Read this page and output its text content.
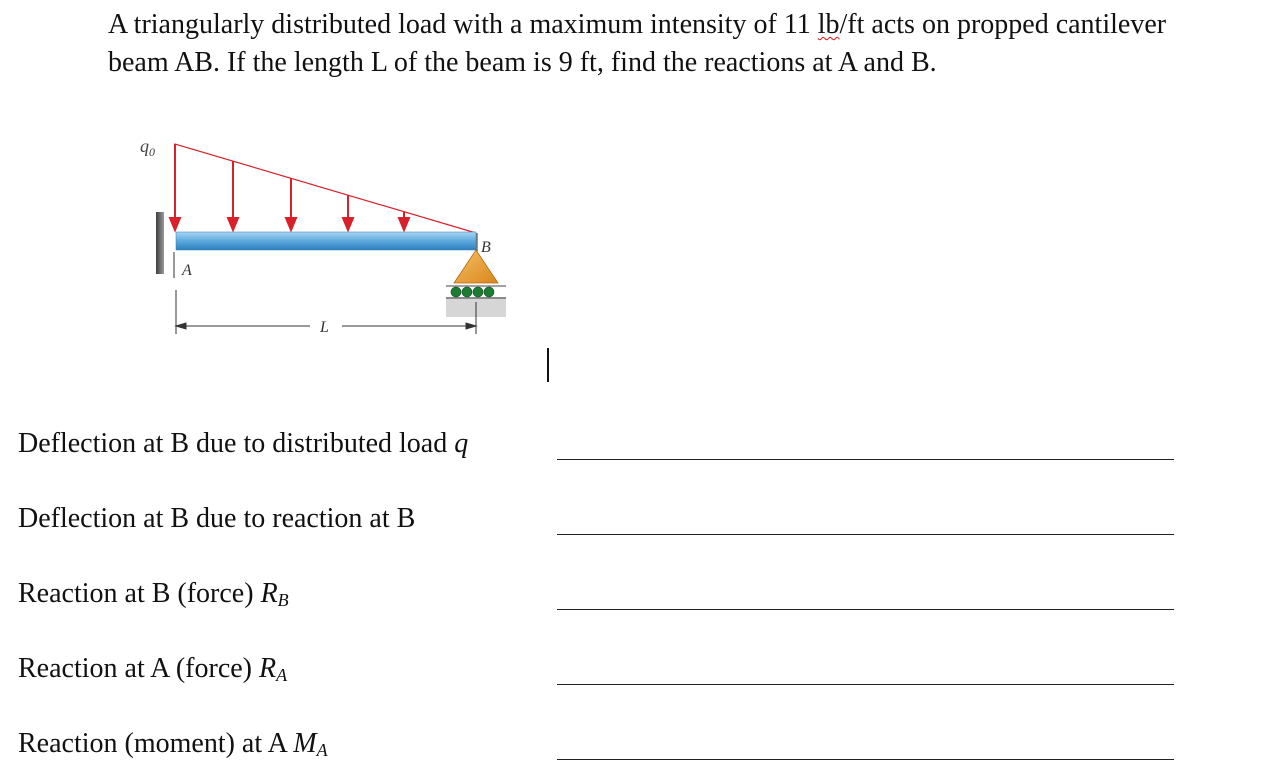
A triangularly distributed load with a maximum intensity of 11 lb/ft acts on propped cantilever
beam AB. If the length L of the beam is 9 ft, find the reactions at A and B.

$q_0$
A
B
L
Deflection at B due to distributed load q
Deflection at B due to reaction at B
Reaction at B (force) $R_B$
Reaction at A (force) $R_A$
Reaction (moment) at A $M_A$
